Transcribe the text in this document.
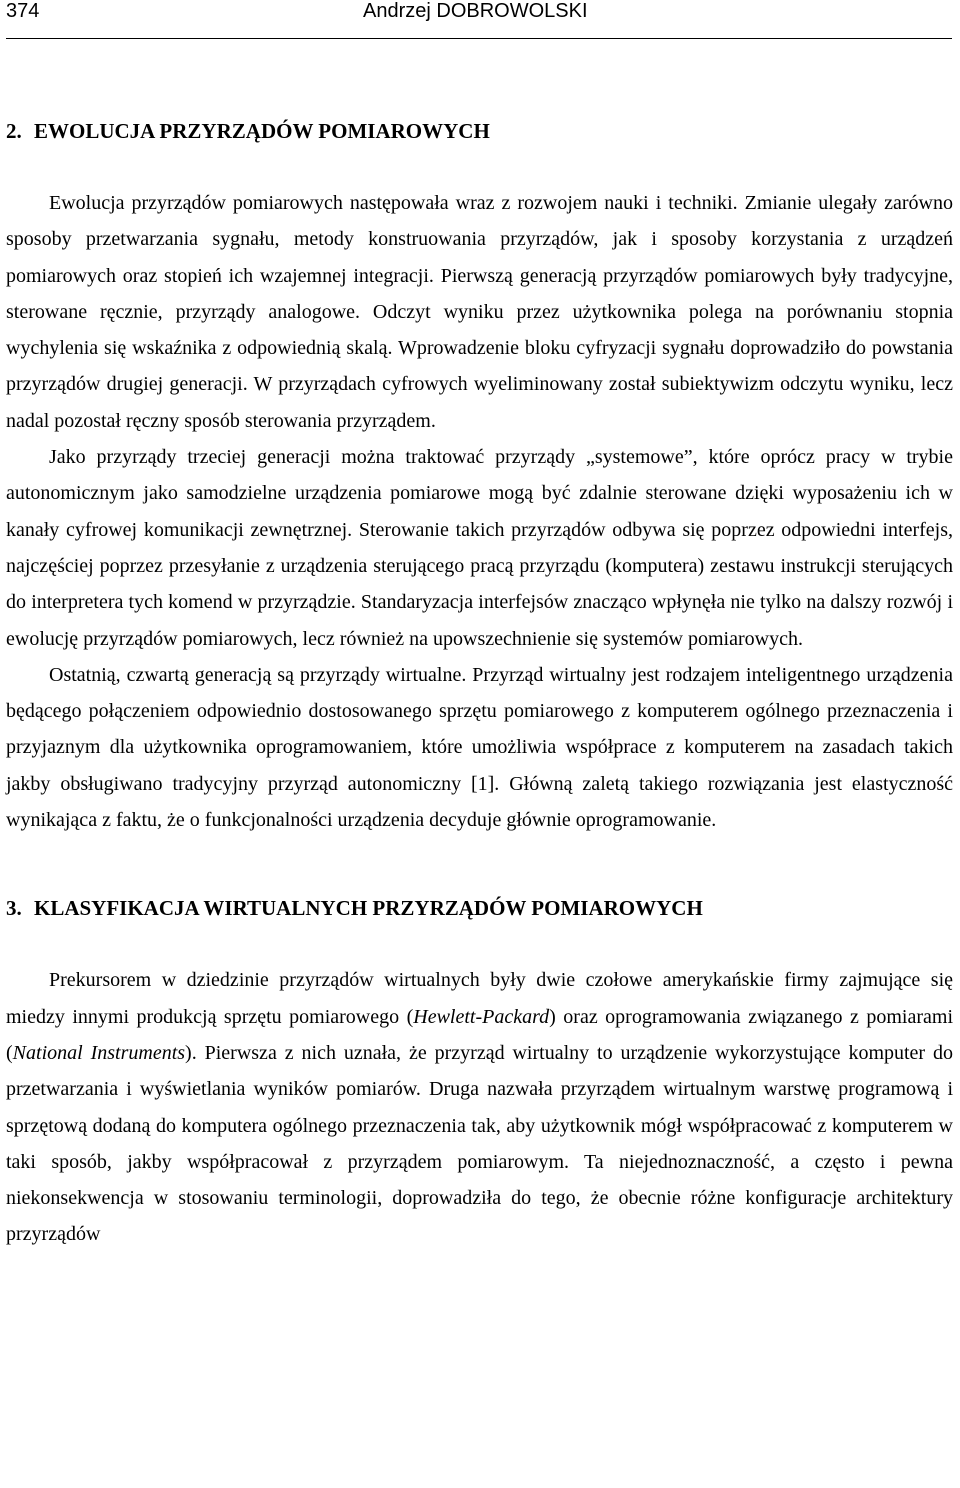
374	Andrzej DOBROWOLSKI
2. EWOLUCJA PRZYRZĄDÓW POMIAROWYCH

Ewolucja przyrządów pomiarowych następowała wraz z rozwojem nauki i techniki. Zmianie ulegały zarówno sposoby przetwarzania sygnału, metody konstruowania przyrządów, jak i sposoby korzystania z urządzeń pomiarowych oraz stopień ich wzajemnej integracji. Pierwszą generacją przyrządów pomiarowych były tradycyjne, sterowane ręcznie, przyrządy analogowe. Odczyt wyniku przez użytkownika polega na porównaniu stopnia wychylenia się wskaźnika z odpowiednią skalą. Wprowadzenie bloku cyfryzacji sygnału doprowadziło do powstania przyrządów drugiej generacji. W przyrządach cyfrowych wyeliminowany został subiektywizm odczytu wyniku, lecz nadal pozostał ręczny sposób sterowania przyrządem.

Jako przyrządy trzeciej generacji można traktować przyrządy „systemowe”, które oprócz pracy w trybie autonomicznym jako samodzielne urządzenia pomiarowe mogą być zdalnie sterowane dzięki wyposażeniu ich w kanały cyfrowej komunikacji zewnętrznej. Sterowanie takich przyrządów odbywa się poprzez odpowiedni interfejs, najczęściej poprzez przesyłanie z urządzenia sterującego pracą przyrządu (komputera) zestawu instrukcji sterujących do interpretera tych komend w przyrządzie. Standaryzacja interfejsów znacząco wpłynęła nie tylko na dalszy rozwój i ewolucję przyrządów pomiarowych, lecz również na upowszechnienie się systemów pomiarowych.

Ostatnią, czwartą generacją są przyrządy wirtualne. Przyrząd wirtualny jest rodzajem inteligentnego urządzenia będącego połączeniem odpowiednio dostosowanego sprzętu pomiarowego z komputerem ogólnego przeznaczenia i przyjaznym dla użytkownika oprogramowaniem, które umożliwia współprace z komputerem na zasadach takich jakby obsługiwano tradycyjny przyrząd autonomiczny [1]. Główną zaletą takiego rozwiązania jest elastyczność wynikająca z faktu, że o funkcjonalności urządzenia decyduje głównie oprogramowanie.

3. KLASYFIKACJA WIRTUALNYCH PRZYRZĄDÓW POMIAROWYCH

Prekursorem w dziedzinie przyrządów wirtualnych były dwie czołowe amerykańskie firmy zajmujące się miedzy innymi produkcją sprzętu pomiarowego (Hewlett-Packard) oraz oprogramowania związanego z pomiarami (National Instruments). Pierwsza z nich uznała, że przyrząd wirtualny to urządzenie wykorzystujące komputer do przetwarzania i wyświetlania wyników pomiarów. Druga nazwała przyrządem wirtualnym warstwę programową i sprzętową dodaną do komputera ogólnego przeznaczenia tak, aby użytkownik mógł współpracować z komputerem w taki sposób, jakby współpracował z przyrządem pomiarowym. Ta niejednoznaczność, a często i pewna niekonsekwencja w stosowaniu terminologii, doprowadziła do tego, że obecnie różne konfiguracje architektury przyrządów
